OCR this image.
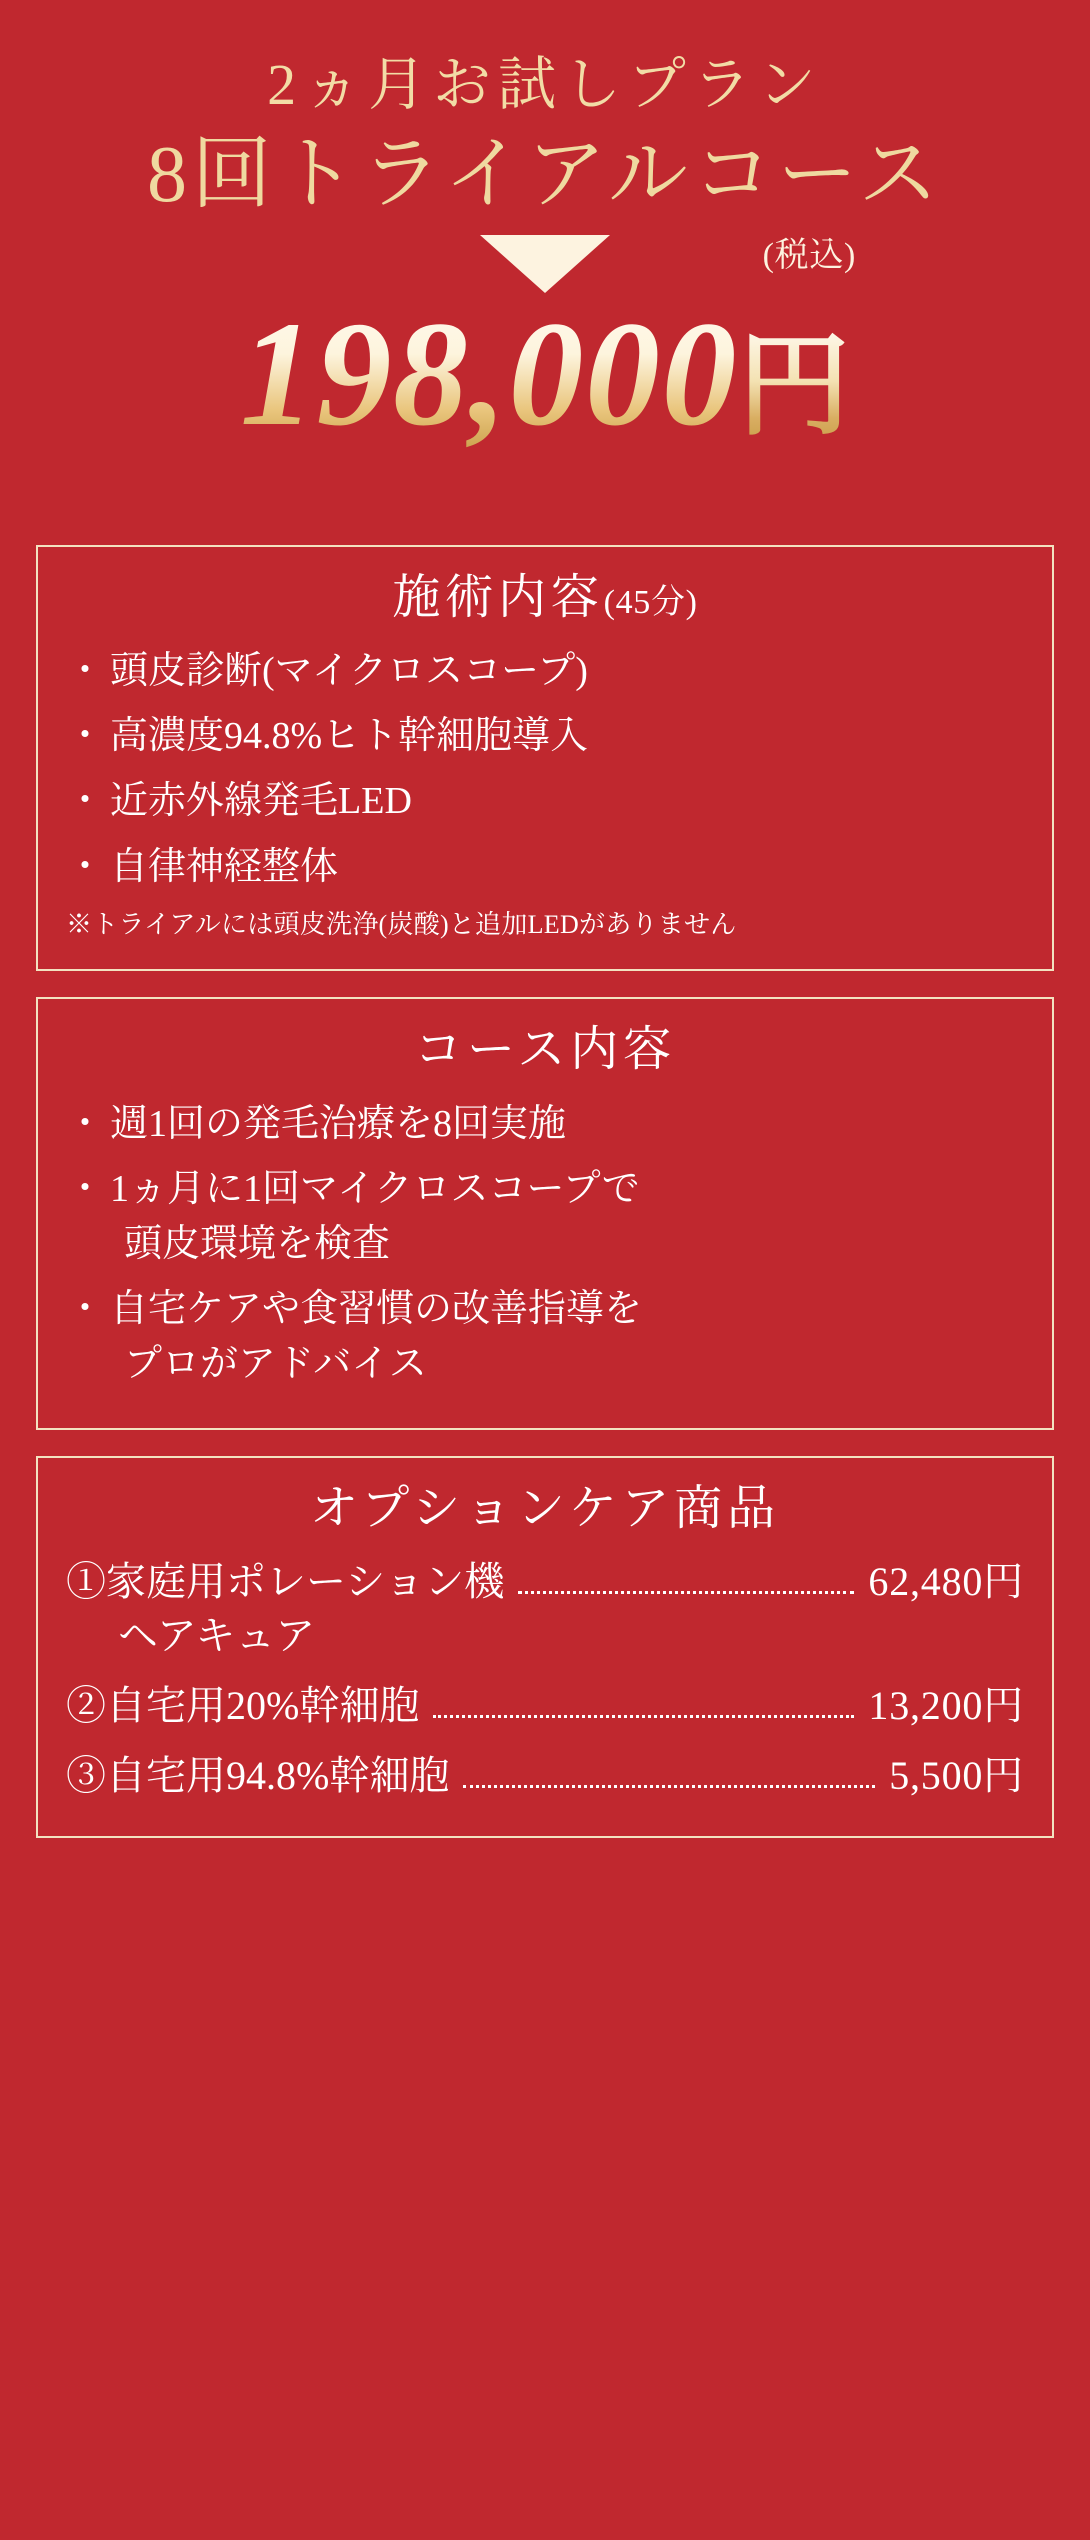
2ヵ月お試しプラン
8回トライアルコース
198,000円
(税込)
施術内容(45分)
・ 頭皮診断(マイクロスコープ)
・ 高濃度94.8%ヒト幹細胞導入
・ 近赤外線発毛LED
・ 自律神経整体
※トライアルには頭皮洗浄(炭酸)と追加LEDがありません
コース内容
・ 週1回の発毛治療を8回実施
・ 1ヵ月に1回マイクロスコープで
頭皮環境を検査
・ 自宅ケアや食習慣の改善指導を
プロがアドバイス
オプションケア商品
①家庭用ポレーション機	62,480円
ヘアキュア
②自宅用20%幹細胞	13,200円
③自宅用94.8%幹細胞	5,500円
